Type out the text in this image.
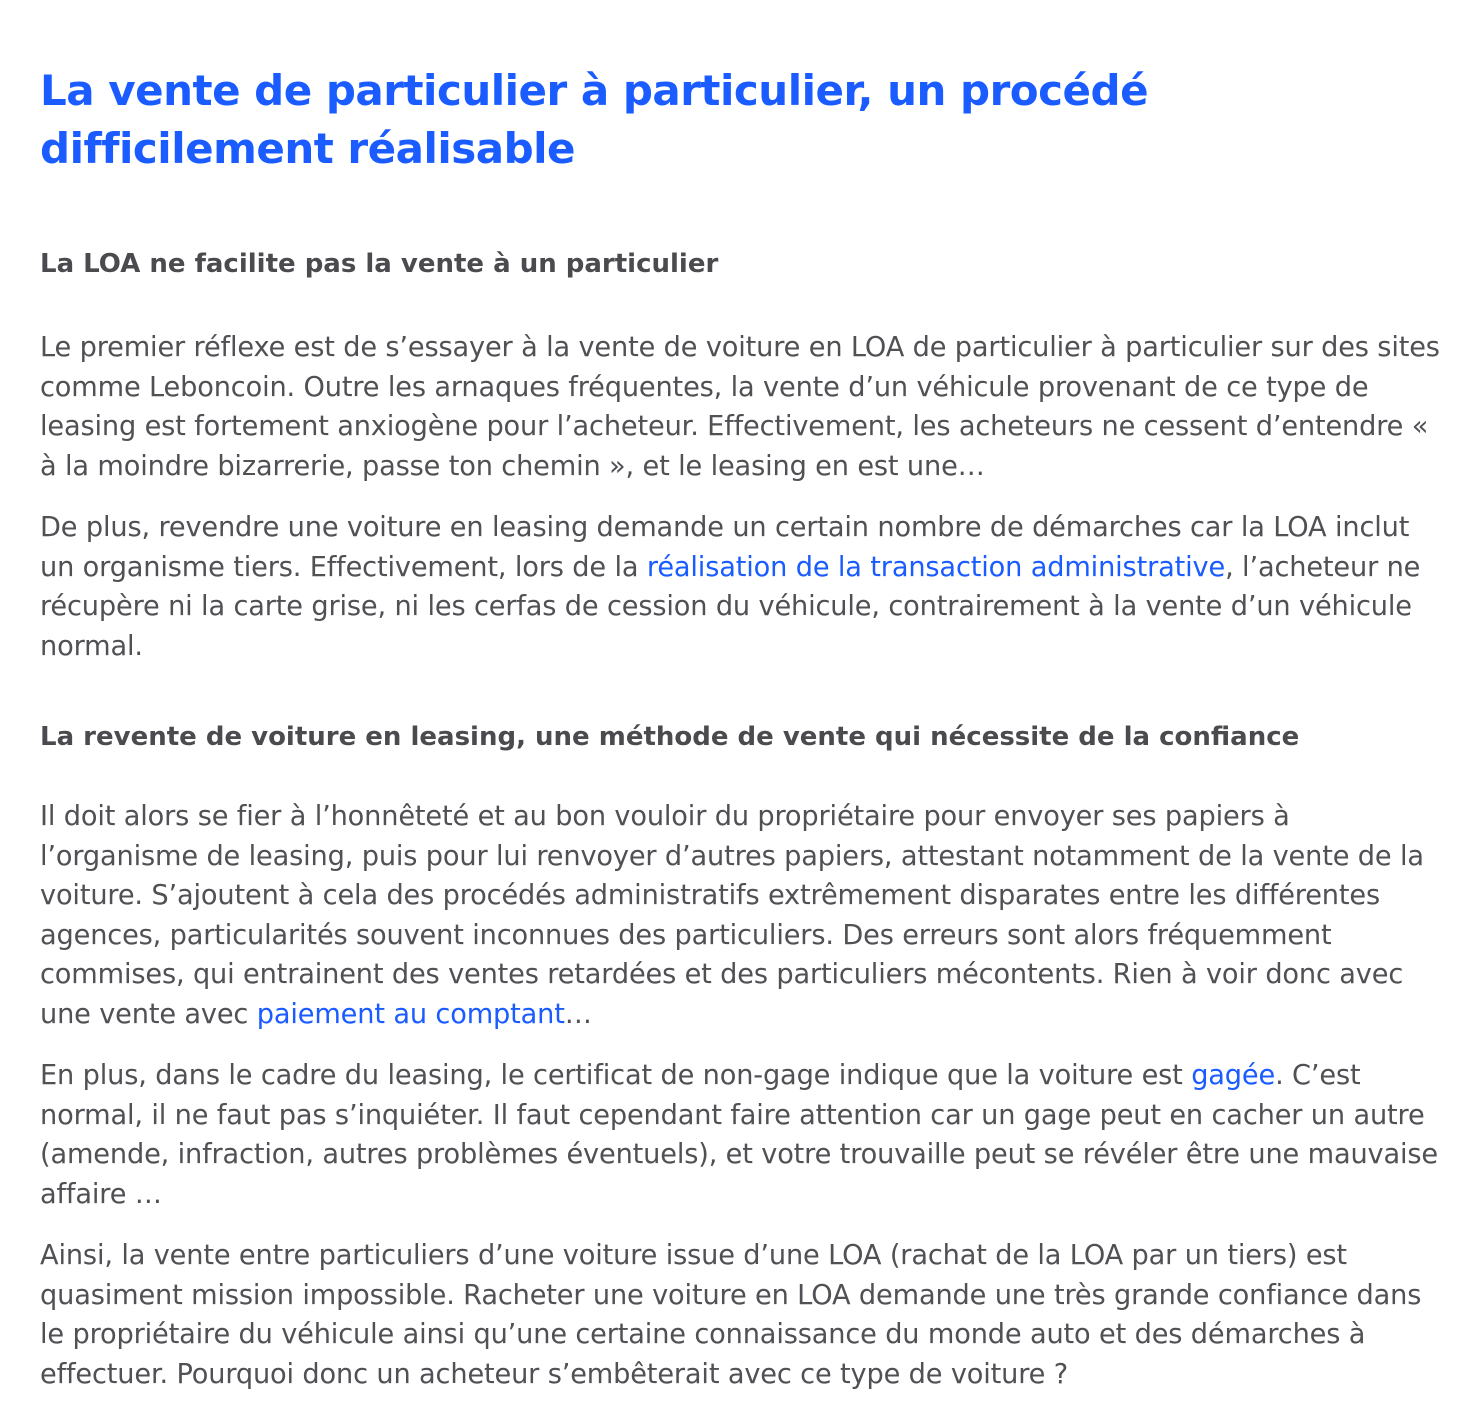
La vente de particulier à particulier, un procédé difficilement réalisable
La LOA ne facilite pas la vente à un particulier

Le premier réflexe est de s’essayer à la vente de voiture en LOA de particulier à particulier sur des sites comme Leboncoin. Outre les arnaques fréquentes, la vente d’un véhicule provenant de ce type de leasing est fortement anxiogène pour l’acheteur. Effectivement, les acheteurs ne cessent d’entendre « à la moindre bizarrerie, passe ton chemin », et le leasing en est une…

De plus, revendre une voiture en leasing demande un certain nombre de démarches car la LOA inclut un organisme tiers. Effectivement, lors de la réalisation de la transaction administrative, l’acheteur ne récupère ni la carte grise, ni les cerfas de cession du véhicule, contrairement à la vente d’un véhicule normal.

La revente de voiture en leasing, une méthode de vente qui nécessite de la confiance

Il doit alors se fier à l’honnêteté et au bon vouloir du propriétaire pour envoyer ses papiers à l’organisme de leasing, puis pour lui renvoyer d’autres papiers, attestant notamment de la vente de la voiture. S’ajoutent à cela des procédés administratifs extrêmement disparates entre les différentes agences, particularités souvent inconnues des particuliers. Des erreurs sont alors fréquemment commises, qui entrainent des ventes retardées et des particuliers mécontents. Rien à voir donc avec une vente avec paiement au comptant…

En plus, dans le cadre du leasing, le certificat de non-gage indique que la voiture est gagée. C’est normal, il ne faut pas s’inquiéter. Il faut cependant faire attention car un gage peut en cacher un autre (amende, infraction, autres problèmes éventuels), et votre trouvaille peut se révéler être une mauvaise affaire …

Ainsi, la vente entre particuliers d’une voiture issue d’une LOA (rachat de la LOA par un tiers) est quasiment mission impossible. Racheter une voiture en LOA demande une très grande confiance dans le propriétaire du véhicule ainsi qu’une certaine connaissance du monde auto et des démarches à effectuer. Pourquoi donc un acheteur s’embêterait avec ce type de voiture ?
